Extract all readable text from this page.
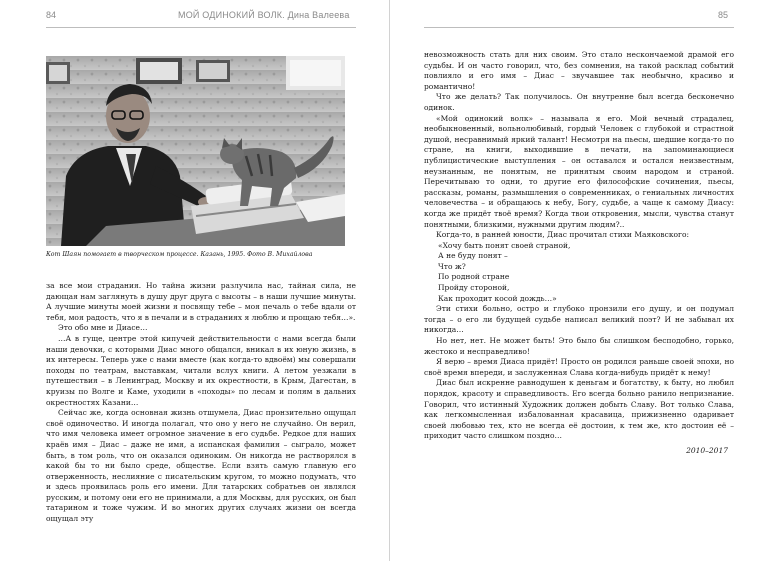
84	МОЙ ОДИНОКИЙ ВОЛК. Дина Валеева
Кот Шаян помогает в творческом процессе. Казань, 1995. Фото В. Михайлова

за все мои страдания. Но тайна жизни разлучила нас, тайная сила, не дающая нам заглянуть в душу друг друга с высоты – в наши лучшие минуты. А лучшие минуты моей жизни я посвящу тебе – моя печаль о тебе вдали от тебя, моя радость, что я в печали и в страданиях я люблю и прощаю тебя…».

Это обо мне и Диасе…

…А в гуще, центре этой кипучей действительности с нами всегда были наши девочки, с которыми Диас много общался, вникал в их юную жизнь, в их интересы. Теперь уже с нами вместе (как когда-то вдвоём) мы совершали походы по театрам, выставкам, читали вслух книги. А летом уезжали в путешествия – в Ленинград, Москву и их окрестности, в Крым, Дагестан, в круизы по Волге и Каме, уходили в «походы» по лесам и полям в дальних окрестностях Казани…

Сейчас же, когда основная жизнь отшумела, Диас пронзительно ощущал своё одиночество. И иногда полагал, что оно у него не случайно. Он верил, что имя человека имеет огромное значение в его судьбе. Редкое для наших краёв имя – Диас – даже не имя, а испанская фамилия – сыграло, может быть, в том роль, что он оказался одиноким. Он никогда не растворялся в какой бы то ни было среде, обществе. Если взять самую главную его отверженность, неслияние с писательским кругом, то можно подумать, что и здесь проявилась роль его имени. Для татарских собратьев он являлся русским, и потому они его не принимали, а для Москвы, для русских, он был татарином и тоже чужим. И во многих других случаях жизни он всегда ощущал эту

85

невозможность стать для них своим. Это стало нескончаемой драмой его судьбы. И он часто говорил, что, без сомнения, на такой расклад событий повлияло и его имя – Диас – звучавшее так необычно, красиво и романтично!

Что же делать? Так получилось. Он внутренне был всегда бесконечно одинок.

«Мой одинокий волк» – называла я его. Мой вечный страдалец, необыкновенный, вольнолюбивый, гордый Человек с глубокой и страстной душой, несравнимый яркий талант! Несмотря на пьесы, шедшие когда-то по стране, на книги, выходившие в печати, на запоминающиеся публицистические выступления – он оставался и остался неизвестным, неузнанным, не понятым, не принятым своим народом и страной. Перечитываю то одни, то другие его философские сочинения, пьесы, рассказы, романы, размышления о современниках, о гениальных личностях человечества – и обращаюсь к небу, Богу, судьбе, а чаще к самому Диасу: когда же придёт твоё время? Когда твои откровения, мысли, чувства станут понятными, близкими, нужными другим людям?..

Когда-то, в ранней юности, Диас прочитал стихи Маяковского:

«Хочу быть понят своей страной,
А не буду понят –
Что ж?
По родной стране
Пройду стороной,
Как проходит косой дождь…»

Эти стихи больно, остро и глубоко пронзили его душу, и он подумал тогда – о его ли будущей судьбе написал великий поэт? И не забывал их никогда…

Но нет, нет. Не может быть! Это было бы слишком бесподобно, горько, жестоко и несправедливо!

Я верю – время Диаса придёт! Просто он родился раньше своей эпохи, но своё время впереди, и заслуженная Слава когда-нибудь придёт к нему!

Диас был искренне равнодушен к деньгам и богатству, к быту, но любил порядок, красоту и справедливость. Его всегда больно ранило непризнание. Говорил, что истинный Художник должен добыть Славу. Вот только Слава, как легкомысленная избалованная красавица, прижизненно одаривает своей любовью тех, кто не всегда её достоин, к тем же, кто достоин её – приходит часто слишком поздно…

2010–2017
